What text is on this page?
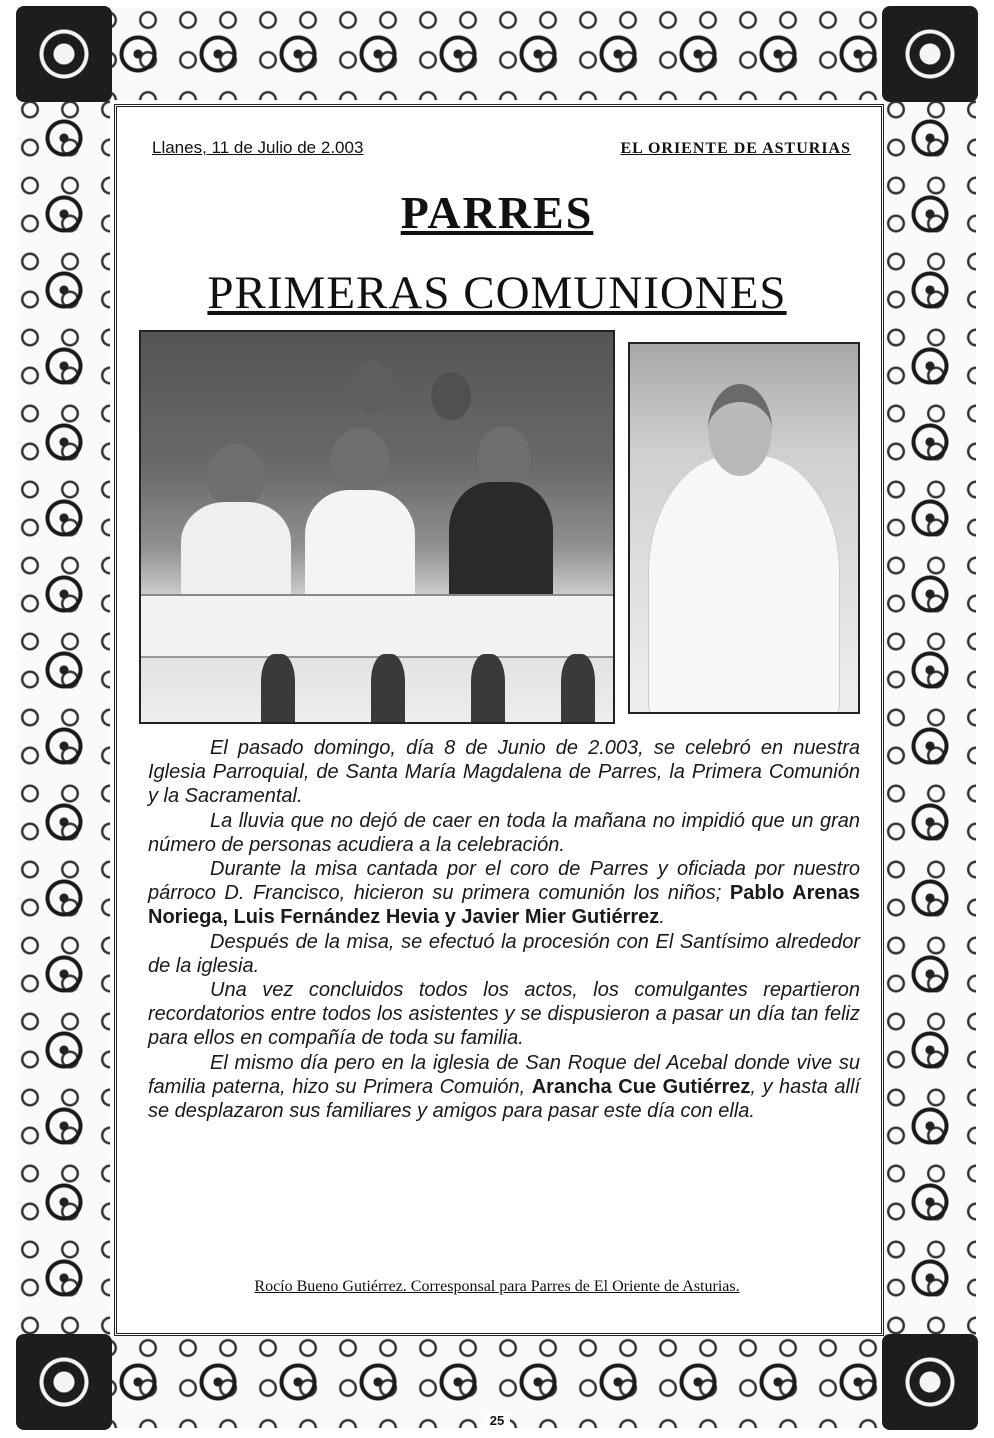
Llanes, 11 de Julio de 2.003	EL ORIENTE DE ASTURIAS
PARRES
PRIMERAS COMUNIONES

El pasado domingo, día 8 de Junio de 2.003, se celebró en nuestra Iglesia Parroquial, de Santa María Magdalena de Parres, la Primera Comunión y la Sacramental.

La lluvia que no dejó de caer en toda la mañana no impidió que un gran número de personas acudiera a la celebración.

Durante la misa cantada por el coro de Parres y oficiada por nuestro párroco D. Francisco, hicieron su primera comunión los niños; Pablo Arenas Noriega, Luis Fernández Hevia y Javier Mier Gutiérrez.

Después de la misa, se efectuó la procesión con El Santísimo alrededor de la iglesia.

Una vez concluidos todos los actos, los comulgantes repartieron recordatorios entre todos los asistentes y se dispusieron a pasar un día tan feliz para ellos en compañía de toda su familia.

El mismo día pero en la iglesia de San Roque del Acebal donde vive su familia paterna, hizo su Primera Comuión, Arancha Cue Gutiérrez, y hasta allí se desplazaron sus familiares y amigos para pasar este día con ella.

Rocío Bueno Gutiérrez. Corresponsal para Parres de El Oriente de Asturias.
25
